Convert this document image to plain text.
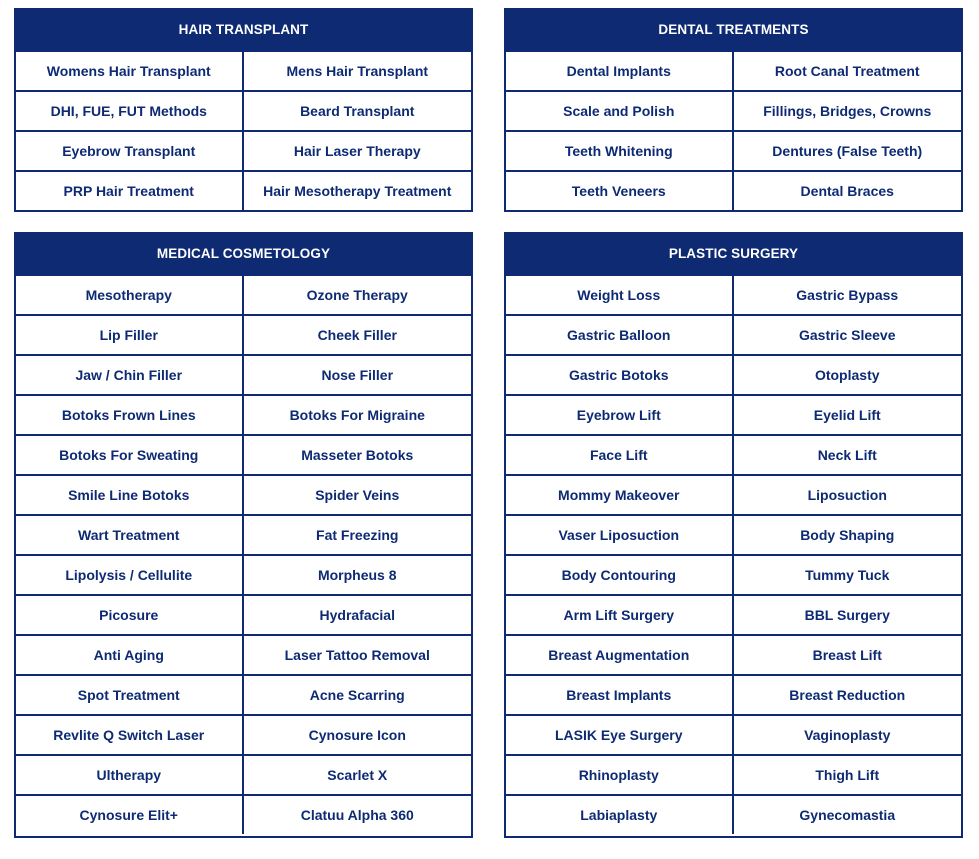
HAIR TRANSPLANT
Womens Hair Transplant	Mens Hair Transplant
DHI, FUE, FUT Methods	Beard Transplant
Eyebrow Transplant	Hair Laser Therapy
PRP Hair Treatment	Hair Mesotherapy Treatment
DENTAL TREATMENTS
Dental Implants	Root Canal Treatment
Scale and Polish	Fillings, Bridges, Crowns
Teeth Whitening	Dentures (False Teeth)
Teeth Veneers	Dental Braces
MEDICAL COSMETOLOGY
Mesotherapy	Ozone Therapy
Lip Filler	Cheek Filler
Jaw / Chin Filler	Nose Filler
Botoks Frown Lines	Botoks For Migraine
Botoks For Sweating	Masseter Botoks
Smile Line Botoks	Spider Veins
Wart Treatment	Fat Freezing
Lipolysis / Cellulite	Morpheus 8
Picosure	Hydrafacial
Anti Aging	Laser Tattoo Removal
Spot Treatment	Acne Scarring
Revlite Q Switch Laser	Cynosure Icon
Ultherapy	Scarlet X
Cynosure Elit+	Clatuu Alpha 360
PLASTIC SURGERY
Weight Loss	Gastric Bypass
Gastric Balloon	Gastric Sleeve
Gastric Botoks	Otoplasty
Eyebrow Lift	Eyelid Lift
Face Lift	Neck Lift
Mommy Makeover	Liposuction
Vaser Liposuction	Body Shaping
Body Contouring	Tummy Tuck
Arm Lift Surgery	BBL Surgery
Breast Augmentation	Breast Lift
Breast Implants	Breast Reduction
LASIK Eye Surgery	Vaginoplasty
Rhinoplasty	Thigh Lift
Labiaplasty	Gynecomastia
